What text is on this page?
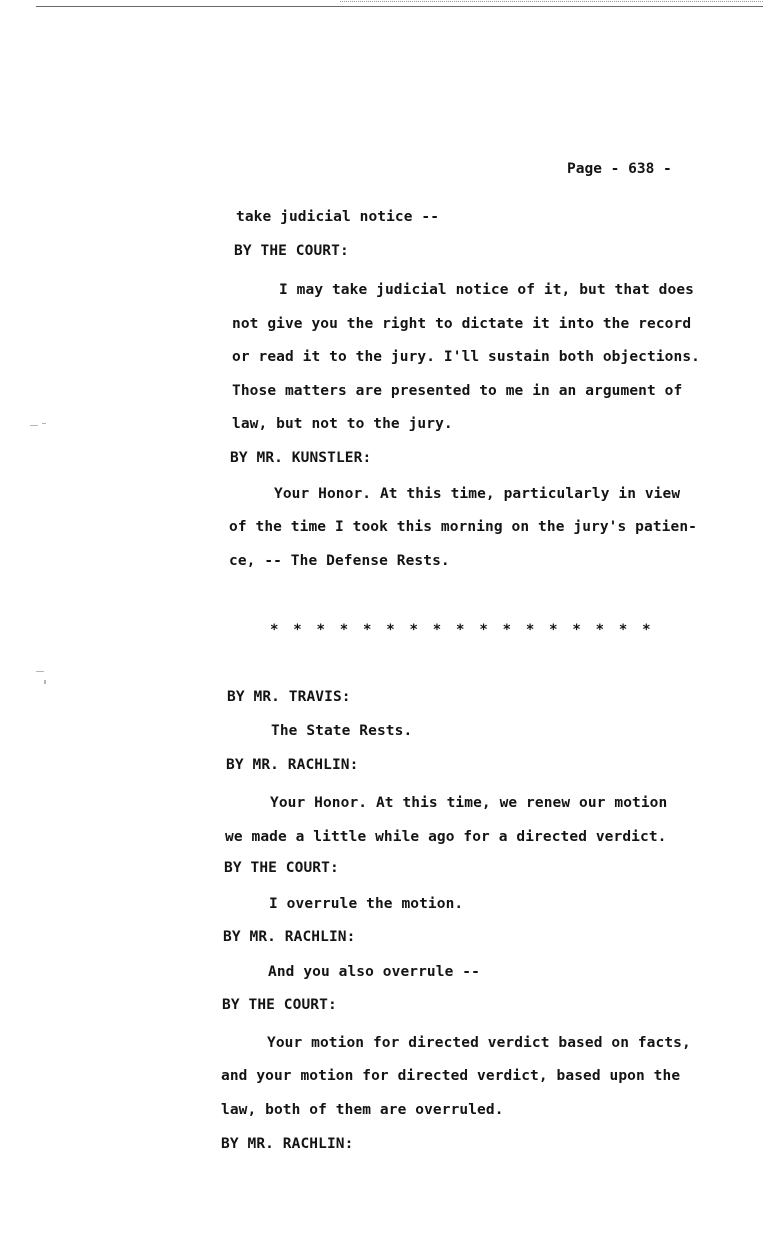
Page - 638 -
take judicial notice --
BY THE COURT:
I may take judicial notice of it, but that does
not give you the right to dictate it into the record
or read it to the jury. I'll sustain both objections.
Those matters are presented to me in an argument of
law, but not to the jury.
BY MR. KUNSTLER:
Your Honor. At this time, particularly in view
of the time I took this morning on the jury's patien-
ce, -- The Defense Rests.
* * * * * * * * * * * * * * * * *
BY MR. TRAVIS:
The State Rests.
BY MR. RACHLIN:
Your Honor. At this time, we renew our motion
we made a little while ago for a directed verdict.
BY THE COURT:
I overrule the motion.
BY MR. RACHLIN:
And you also overrule --
BY THE COURT:
Your motion for directed verdict based on facts,
and your motion for directed verdict, based upon the
law, both of them are overruled.
BY MR. RACHLIN:
